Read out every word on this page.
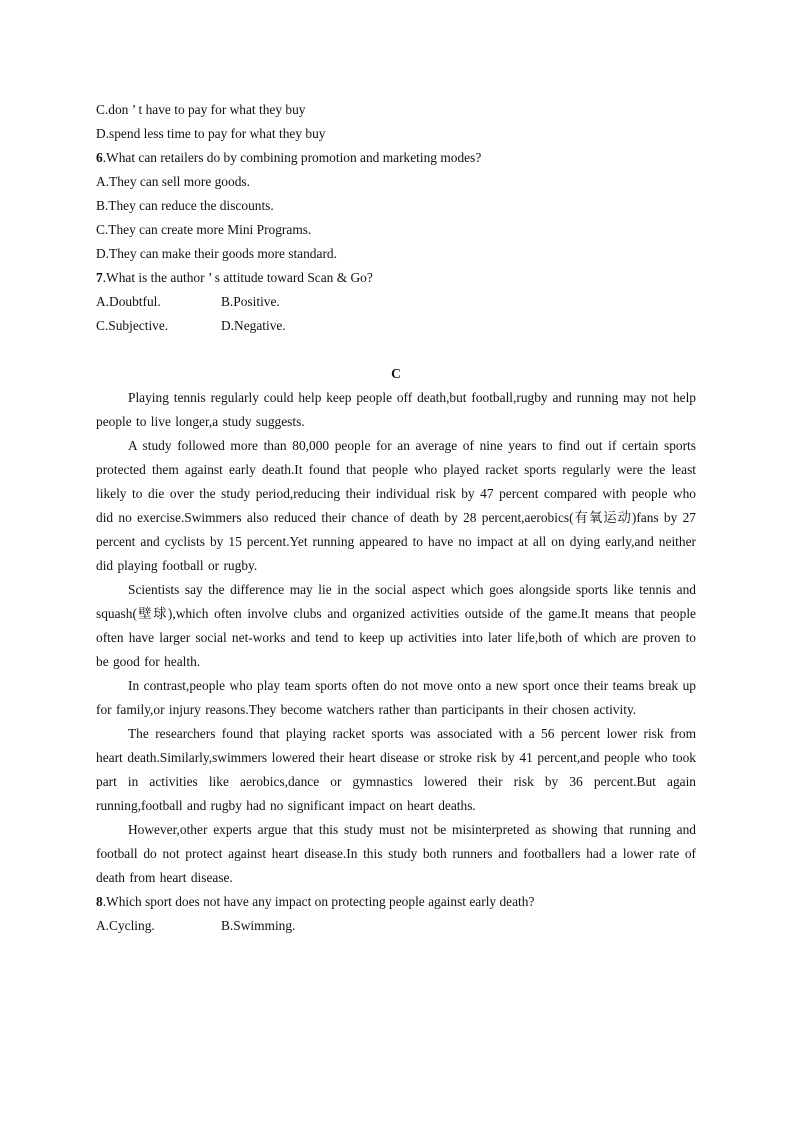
C.don ’ t have to pay for what they buy
D.spend less time to pay for what they buy
6.What can retailers do by combining promotion and marketing modes?
A.They can sell more goods.
B.They can reduce the discounts.
C.They can create more Mini Programs.
D.They can make their goods more standard.
7.What is the author ’ s attitude toward Scan & Go?
A.Doubtful.	B.Positive.
C.Subjective.	D.Negative.
C
Playing tennis regularly could help keep people off death,but football,rugby and running may not help people to live longer,a study suggests.
A study followed more than 80,000 people for an average of nine years to find out if certain sports protected them against early death.It found that people who played racket sports regularly were the least likely to die over the study period,reducing their individual risk by 47 percent compared with people who did no exercise.Swimmers also reduced their chance of death by 28 percent,aerobics(有氧运动)fans by 27 percent and cyclists by 15 percent.Yet running appeared to have no impact at all on dying early,and neither did playing football or rugby.
Scientists say the difference may lie in the social aspect which goes alongside sports like tennis and squash(壁球),which often involve clubs and organized activities outside of the game.It means that people often have larger social net-works and tend to keep up activities into later life,both of which are proven to be good for health.
In contrast,people who play team sports often do not move onto a new sport once their teams break up for family,or injury reasons.They become watchers rather than participants in their chosen activity.
The researchers found that playing racket sports was associated with a 56 percent lower risk from heart death.Similarly,swimmers lowered their heart disease or stroke risk by 41 percent,and people who took part in activities like aerobics,dance or gymnastics lowered their risk by 36 percent.But again running,football and rugby had no significant impact on heart deaths.
However,other experts argue that this study must not be misinterpreted as showing that running and football do not protect against heart disease.In this study both runners and footballers had a lower rate of death from heart disease.
8.Which sport does not have any impact on protecting people against early death?
A.Cycling.	B.Swimming.
